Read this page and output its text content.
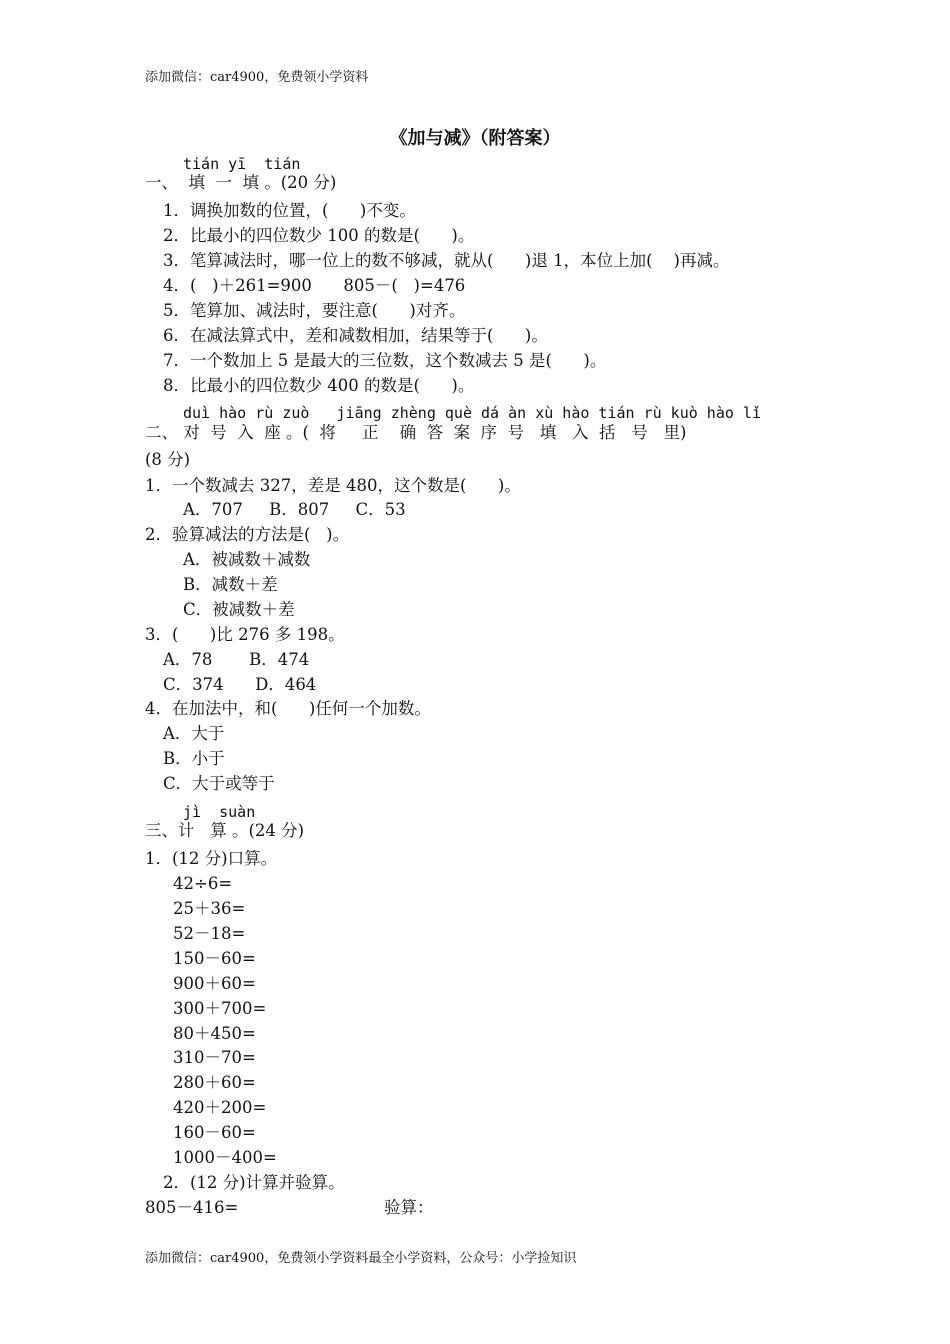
添加微信：car4900，免费领小学资料
《加与减》（附答案）
tián yī  tián
一、  填  一  填 。(20 分)
1．调换加数的位置，(      )不变。
2．比最小的四位数少 100 的数是(      )。
3．笔算减法时，哪一位上的数不够减，就从(      )退 1，本位上加(    )再减。
4．(   )＋261=900      805－(   )=476
5．笔算加、减法时，要注意(      )对齐。
6．在减法算式中，差和减数相加，结果等于(      )。
7．一个数加上 5 是最大的三位数，这个数减去 5 是(      )。
8．比最小的四位数少 400 的数是(      )。
duì hào rù zuò   jiāng zhèng què dá àn xù hào tián rù kuò hào lǐ
二、 对  号  入  座 。(  将     正    确  答  案  序  号   填   入  括   号   里)
(8 分)
1．一个数减去 327，差是 480，这个数是(      )。
A．707     B．807     C．53
2．验算减法的方法是(   )。
A．被减数＋减数
B．减数＋差
C．被减数＋差
3．(      )比 276 多 198。
A．78       B．474
C．374      D．464
4．在加法中，和(      )任何一个加数。
A．大于
B．小于
C．大于或等于
jì  suàn
三、计   算 。(24 分)
1．(12 分)口算。
42÷6=
25＋36=
52－18=
150－60=
900＋60=
300＋700=
80＋450=
310－70=
280＋60=
420＋200=
160－60=
1000－400=
2．(12 分)计算并验算。
805－416=	验算：
添加微信：car4900，免费领小学资料最全小学资料，公众号：小学捡知识
